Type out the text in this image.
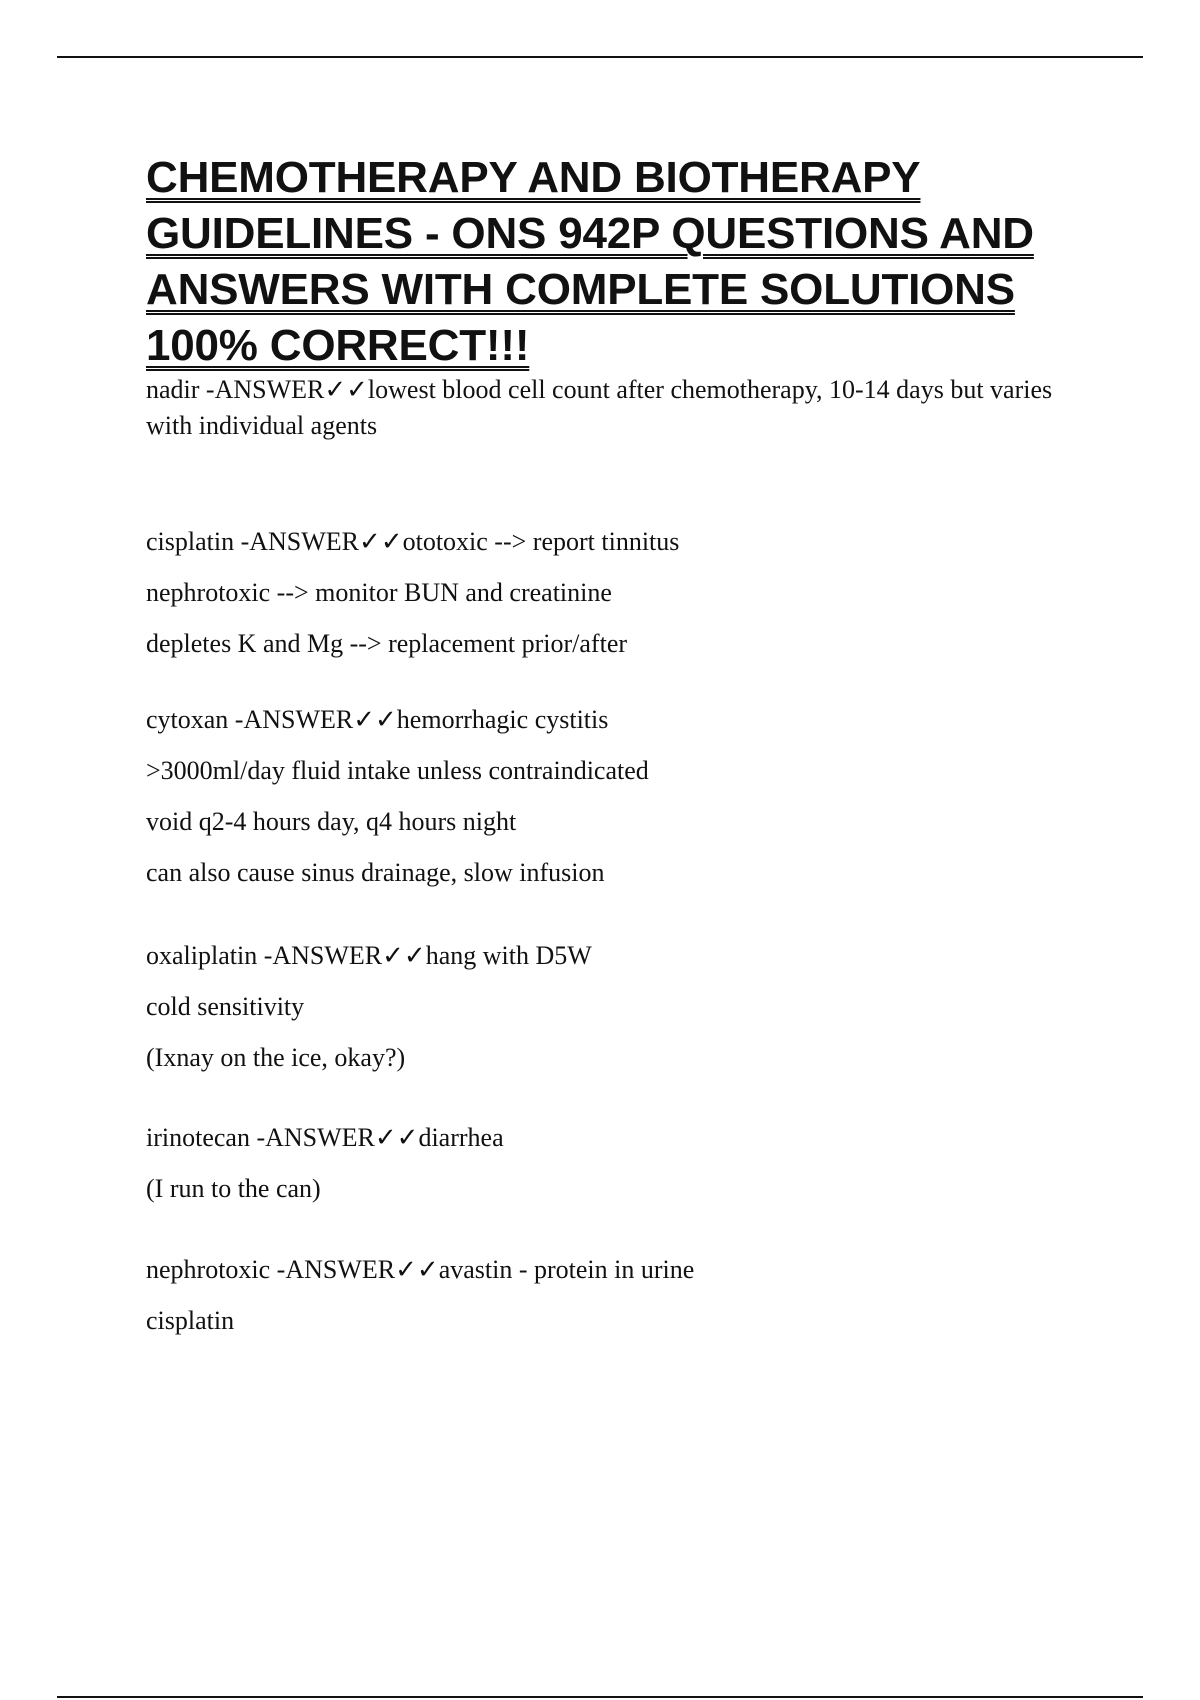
CHEMOTHERAPY AND BIOTHERAPY GUIDELINES - ONS 942P QUESTIONS AND ANSWERS WITH COMPLETE SOLUTIONS 100% CORRECT!!!
nadir -ANSWER✓✓lowest blood cell count after chemotherapy, 10-14 days but varies with individual agents
cisplatin -ANSWER✓✓ototoxic --> report tinnitus
nephrotoxic --> monitor BUN and creatinine
depletes K and Mg --> replacement prior/after
cytoxan -ANSWER✓✓hemorrhagic cystitis
>3000ml/day fluid intake unless contraindicated
void q2-4 hours day, q4 hours night
can also cause sinus drainage, slow infusion
oxaliplatin -ANSWER✓✓hang with D5W
cold sensitivity
(Ixnay on the ice, okay?)
irinotecan -ANSWER✓✓diarrhea
(I run to the can)
nephrotoxic -ANSWER✓✓avastin - protein in urine
cisplatin
